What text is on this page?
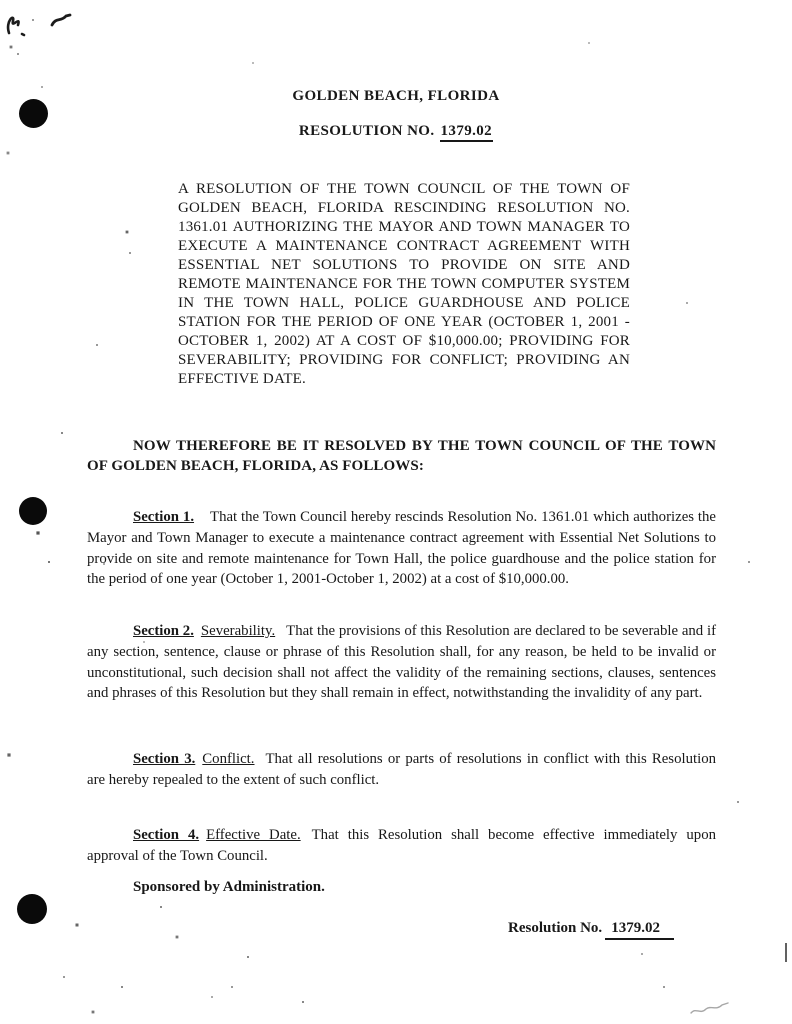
GOLDEN BEACH, FLORIDA
RESOLUTION NO. 1379.02
A RESOLUTION OF THE TOWN COUNCIL OF THE TOWN OF GOLDEN BEACH, FLORIDA RESCINDING RESOLUTION NO. 1361.01 AUTHORIZING THE MAYOR AND TOWN MANAGER TO EXECUTE A MAINTENANCE CONTRACT AGREEMENT WITH ESSENTIAL NET SOLUTIONS TO PROVIDE ON SITE AND REMOTE MAINTENANCE FOR THE TOWN COMPUTER SYSTEM IN THE TOWN HALL, POLICE GUARDHOUSE AND POLICE STATION FOR THE PERIOD OF ONE YEAR (OCTOBER 1, 2001 - OCTOBER 1, 2002) AT A COST OF $10,000.00; PROVIDING FOR SEVERABILITY; PROVIDING FOR CONFLICT; PROVIDING AN EFFECTIVE DATE.
NOW THEREFORE BE IT RESOLVED BY THE TOWN COUNCIL OF THE TOWN OF GOLDEN BEACH, FLORIDA, AS FOLLOWS:
Section 1. That the Town Council hereby rescinds Resolution No. 1361.01 which authorizes the Mayor and Town Manager to execute a maintenance contract agreement with Essential Net Solutions to provide on site and remote maintenance for Town Hall, the police guardhouse and the police station for the period of one year (October 1, 2001-October 1, 2002) at a cost of $10,000.00.
Section 2. Severability. That the provisions of this Resolution are declared to be severable and if any section, sentence, clause or phrase of this Resolution shall, for any reason, be held to be invalid or unconstitutional, such decision shall not affect the validity of the remaining sections, clauses, sentences and phrases of this Resolution but they shall remain in effect, notwithstanding the invalidity of any part.
Section 3. Conflict. That all resolutions or parts of resolutions in conflict with this Resolution are hereby repealed to the extent of such conflict.
Section 4. Effective Date. That this Resolution shall become effective immediately upon approval of the Town Council.
Sponsored by Administration.
Resolution No. 1379.02
